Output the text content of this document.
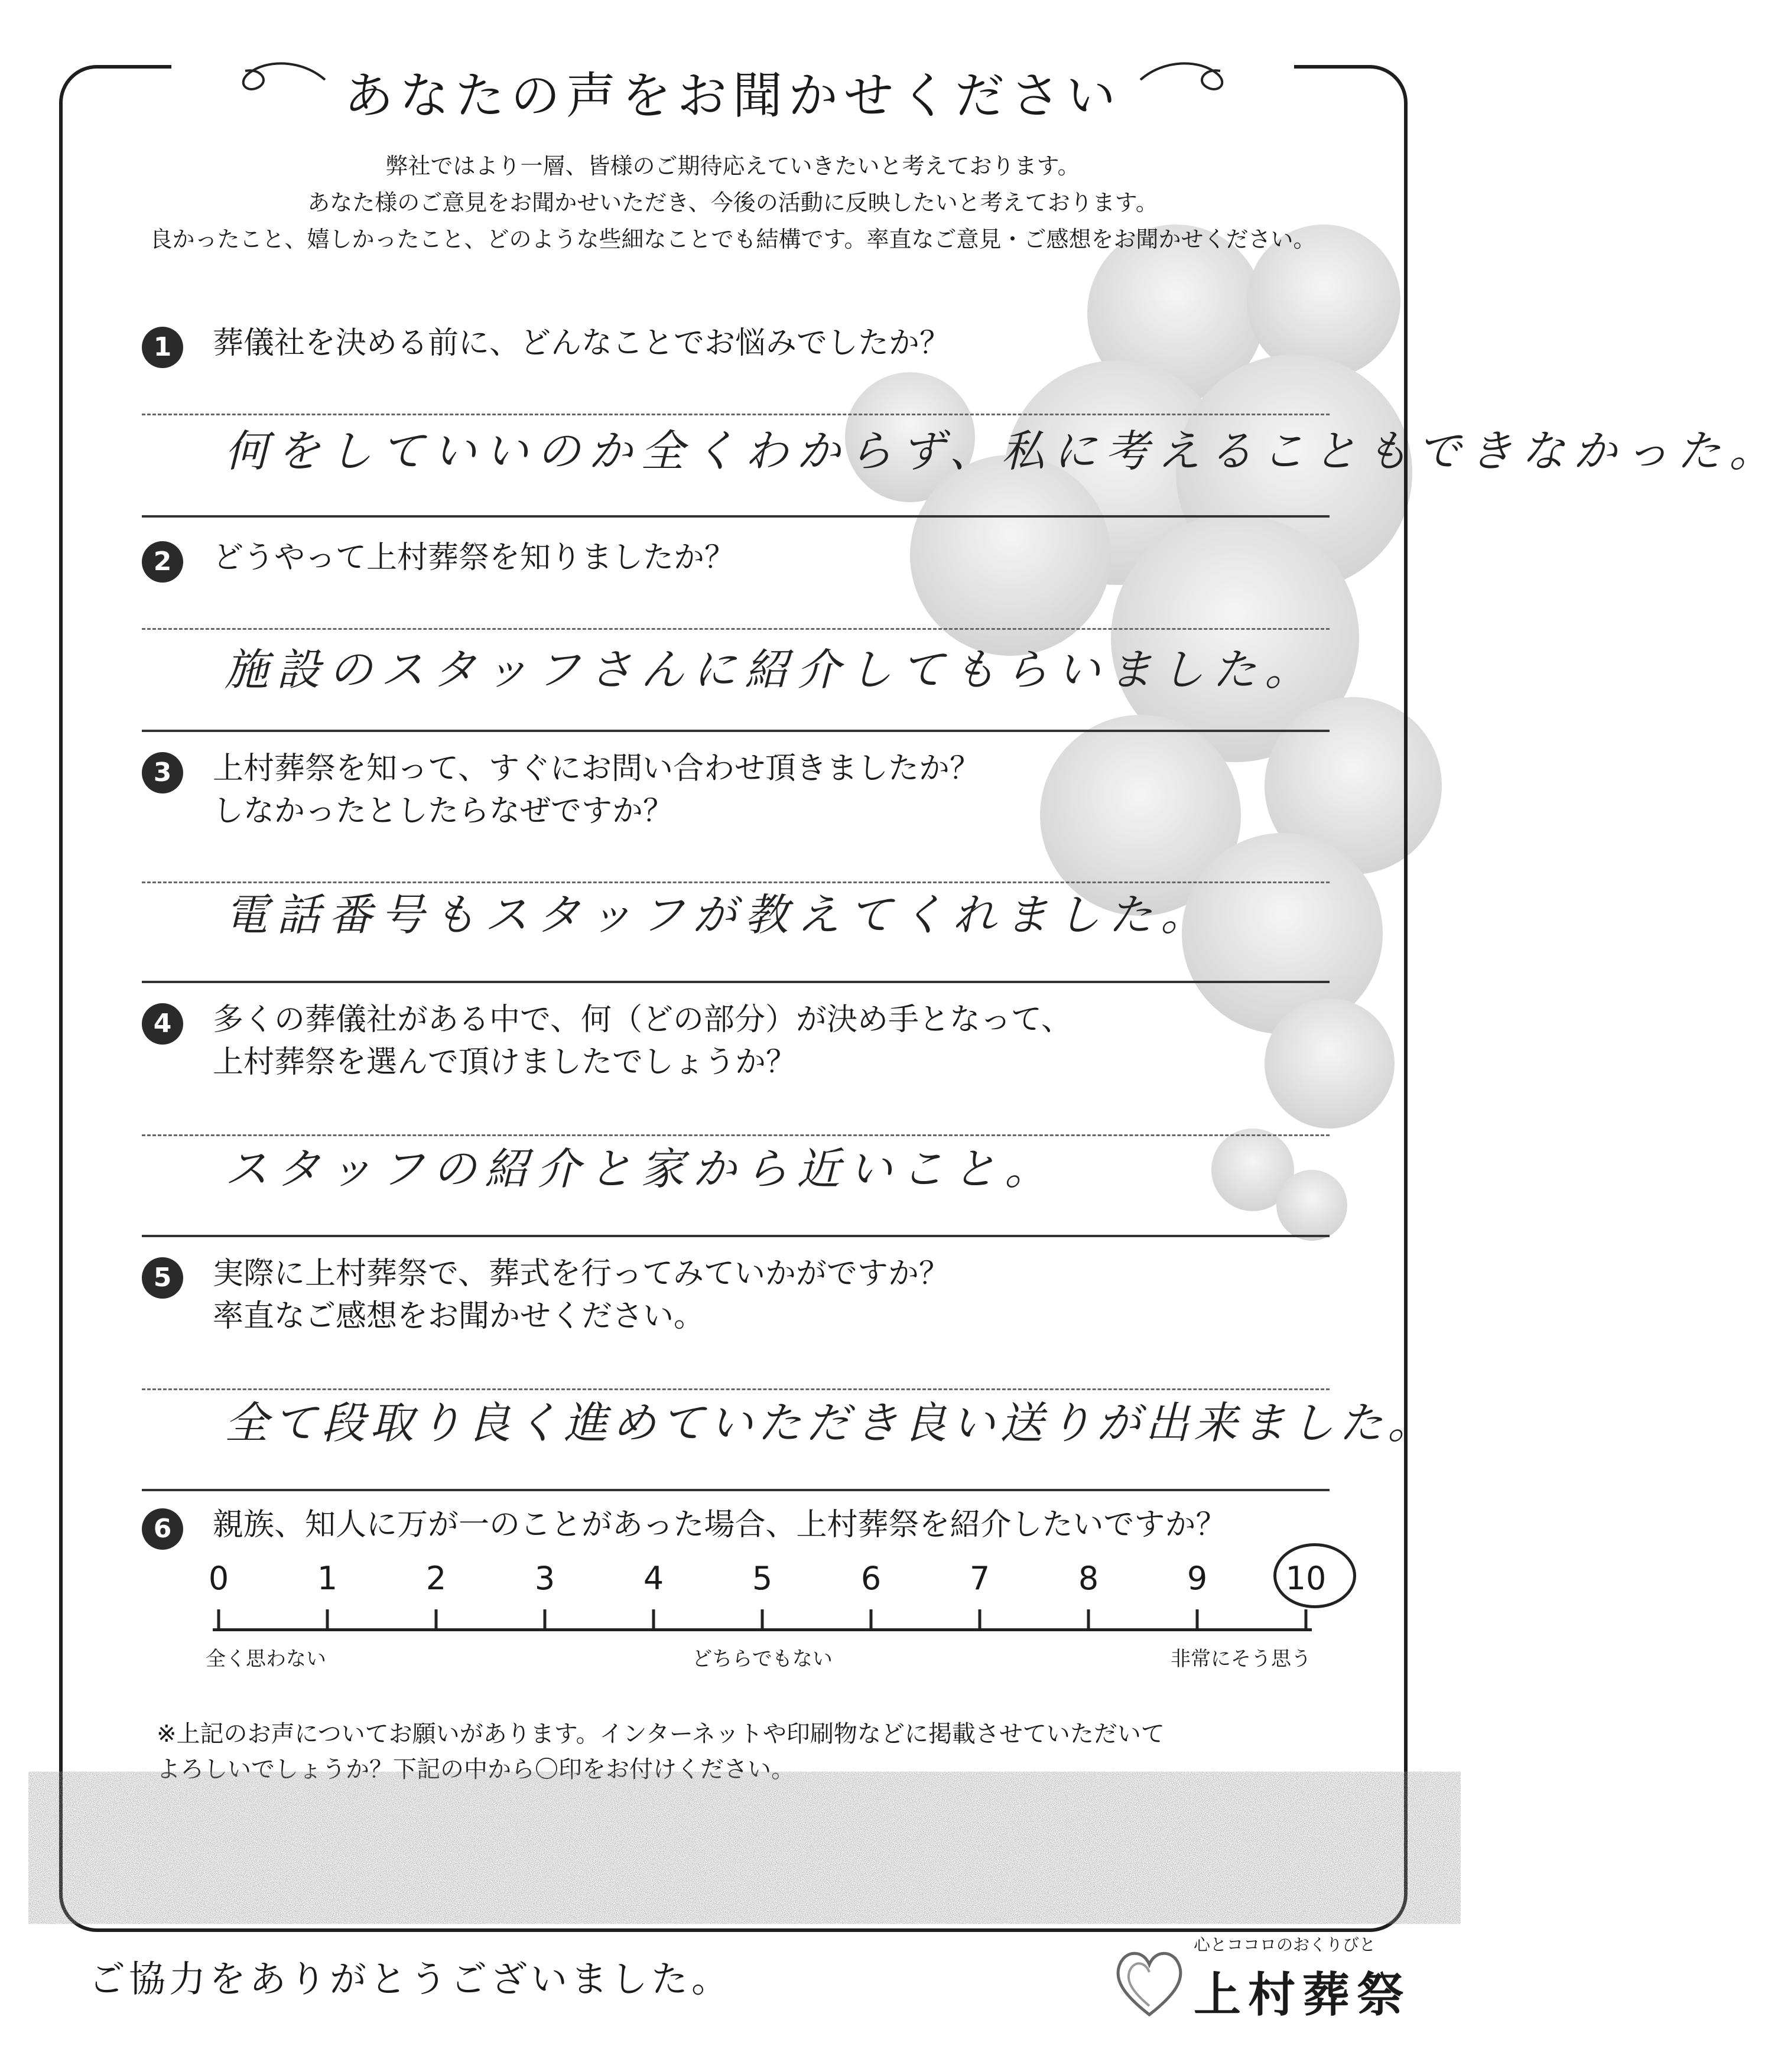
あなたの声をお聞かせください
弊社ではより一層、皆様のご期待応えていきたいと考えております。
あなた様のご意見をお聞かせいただき、今後の活動に反映したいと考えております。
良かったこと、嬉しかったこと、どのような些細なことでも結構です。率直なご意見・ご感想をお聞かせください。
1	葬儀社を決める前に、どんなことでお悩みでしたか？
何をしていいのか全くわからず、私に考えることもできなかった。
2	どうやって上村葬祭を知りましたか？
施設のスタッフさんに紹介してもらいました。
3	上村葬祭を知って、すぐにお問い合わせ頂きましたか？
しなかったとしたらなぜですか？
電話番号もスタッフが教えてくれました。
4	多くの葬儀社がある中で、何（どの部分）が決め手となって、
上村葬祭を選んで頂けましたでしょうか？
スタッフの紹介と家から近いこと。
5	実際に上村葬祭で、葬式を行ってみていかがですか？
率直なご感想をお聞かせください。
全て段取り良く進めていただき良い送りが出来ました。
6	親族、知人に万が一のことがあった場合、上村葬祭を紹介したいですか？
0	1	2	3	4	5	6	7	8	9 10
全く思わない	どちらでもない	非常にそう思う
※上記のお声についてお願いがあります。インターネットや印刷物などに掲載させていただいて
よろしいでしょうか？下記の中から〇印をお付けください。
ご協力をありがとうございました。
心とココロのおくりびと
上村葬祭
